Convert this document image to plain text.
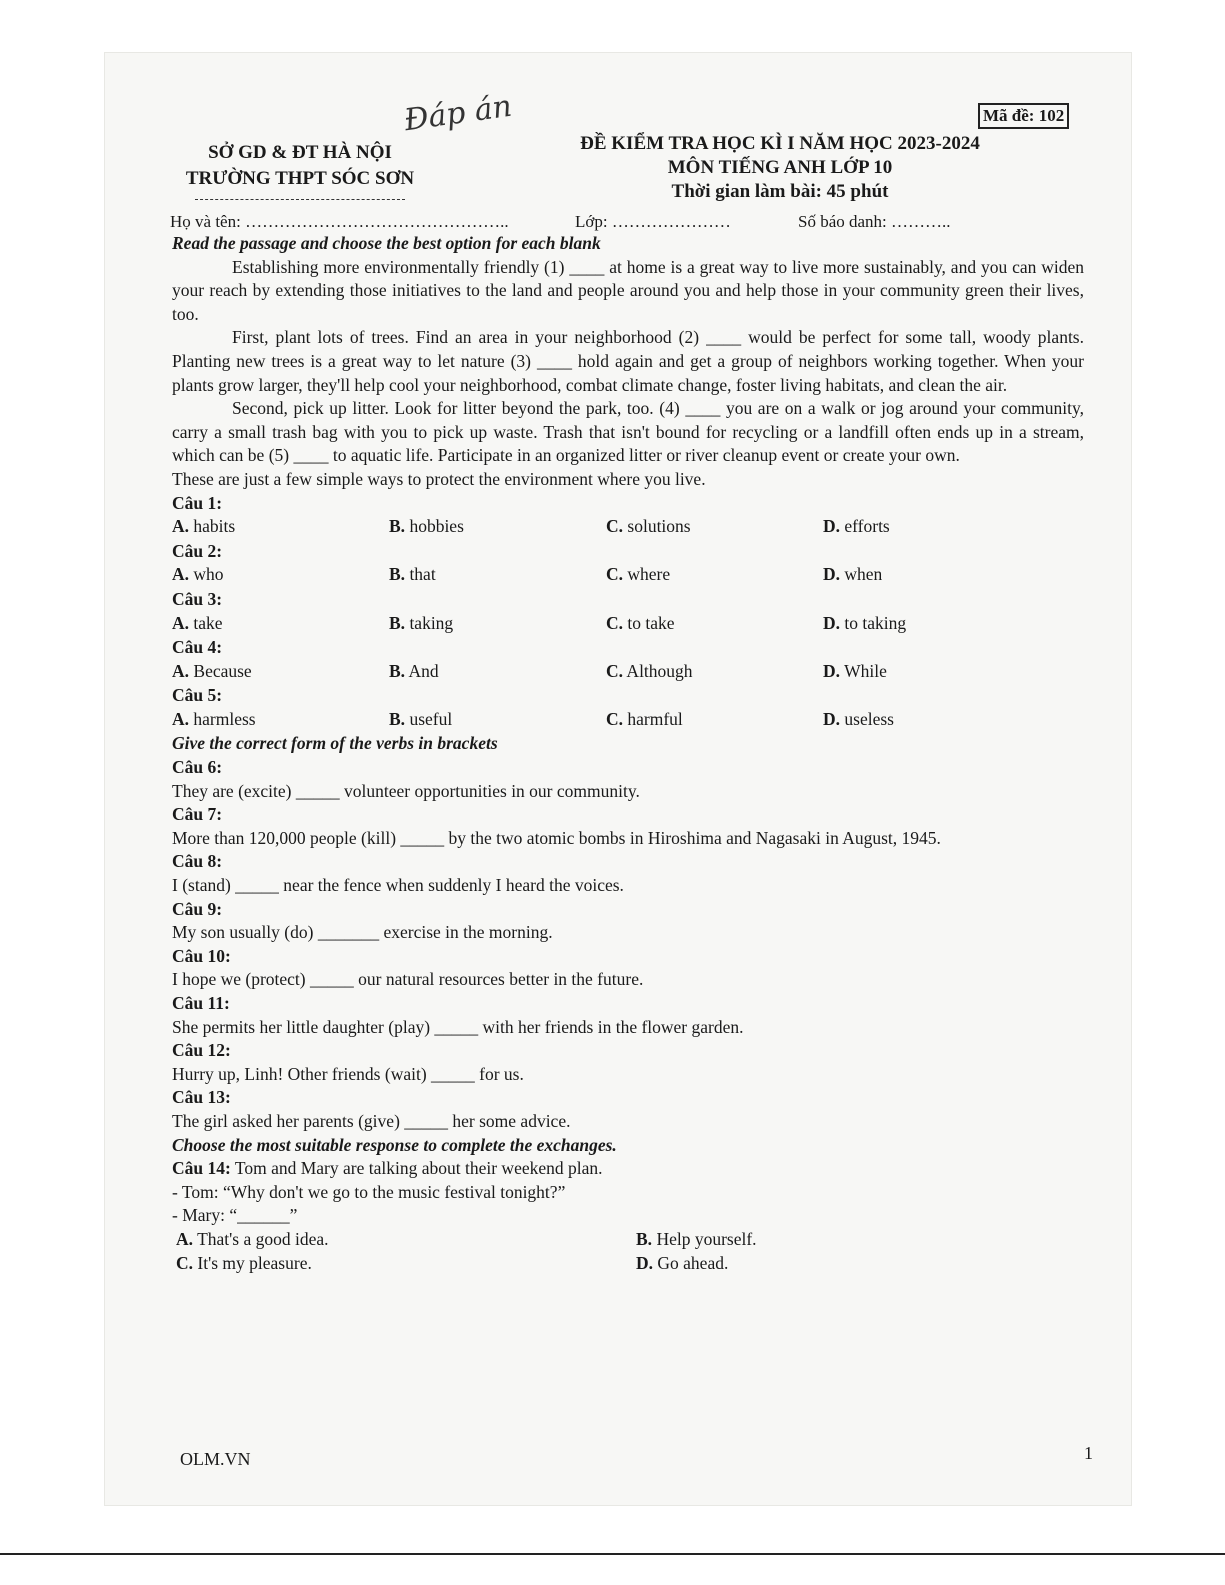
Đáp án	Mã đề: 102
SỞ GD & ĐT HÀ NỘI
TRƯỜNG THPT SÓC SƠN
ĐỀ KIỂM TRA HỌC KÌ I NĂM HỌC 2023-2024
MÔN TIẾNG ANH LỚP 10
Thời gian làm bài: 45 phút
Họ và tên: ………………………………………..	Lớp: …………………	Số báo danh: ………..

Read the passage and choose the best option for each blank

Establishing more environmentally friendly (1) ____ at home is a great way to live more sustainably, and you can widen your reach by extending those initiatives to the land and people around you and help those in your community green their lives, too.

First, plant lots of trees. Find an area in your neighborhood (2) ____ would be perfect for some tall, woody plants. Planting new trees is a great way to let nature (3) ____ hold again and get a group of neighbors working together. When your plants grow larger, they'll help cool your neighborhood, combat climate change, foster living habitats, and clean the air.

Second, pick up litter. Look for litter beyond the park, too. (4) ____ you are on a walk or jog around your community, carry a small trash bag with you to pick up waste. Trash that isn't bound for recycling or a landfill often ends up in a stream, which can be (5) ____ to aquatic life. Participate in an organized litter or river cleanup event or create your own.

These are just a few simple ways to protect the environment where you live.

Câu 1:

A. habits	B. hobbies	C. solutions	D. efforts

Câu 2:

A. who	B. that	C. where	D. when

Câu 3:

A. take	B. taking	C. to take	D. to taking

Câu 4:

A. Because	B. And	C. Although	D. While

Câu 5:

A. harmless	B. useful	C. harmful	D. useless

Give the correct form of the verbs in brackets

Câu 6:

They are (excite) _____ volunteer opportunities in our community.

Câu 7:

More than 120,000 people (kill) _____ by the two atomic bombs in Hiroshima and Nagasaki in August, 1945.

Câu 8:

I (stand) _____ near the fence when suddenly I heard the voices.

Câu 9:

My son usually (do) _______ exercise in the morning.

Câu 10:

I hope we (protect) _____ our natural resources better in the future.

Câu 11:

She permits her little daughter (play) _____ with her friends in the flower garden.

Câu 12:

Hurry up, Linh! Other friends (wait) _____ for us.

Câu 13:

The girl asked her parents (give) _____ her some advice.

Choose the most suitable response to complete the exchanges.

Câu 14: Tom and Mary are talking about their weekend plan.

- Tom: “Why don't we go to the music festival tonight?”

- Mary: “______”

A. That's a good idea.	B. Help yourself.
C. It's my pleasure.	D. Go ahead.
OLM.VN	1
